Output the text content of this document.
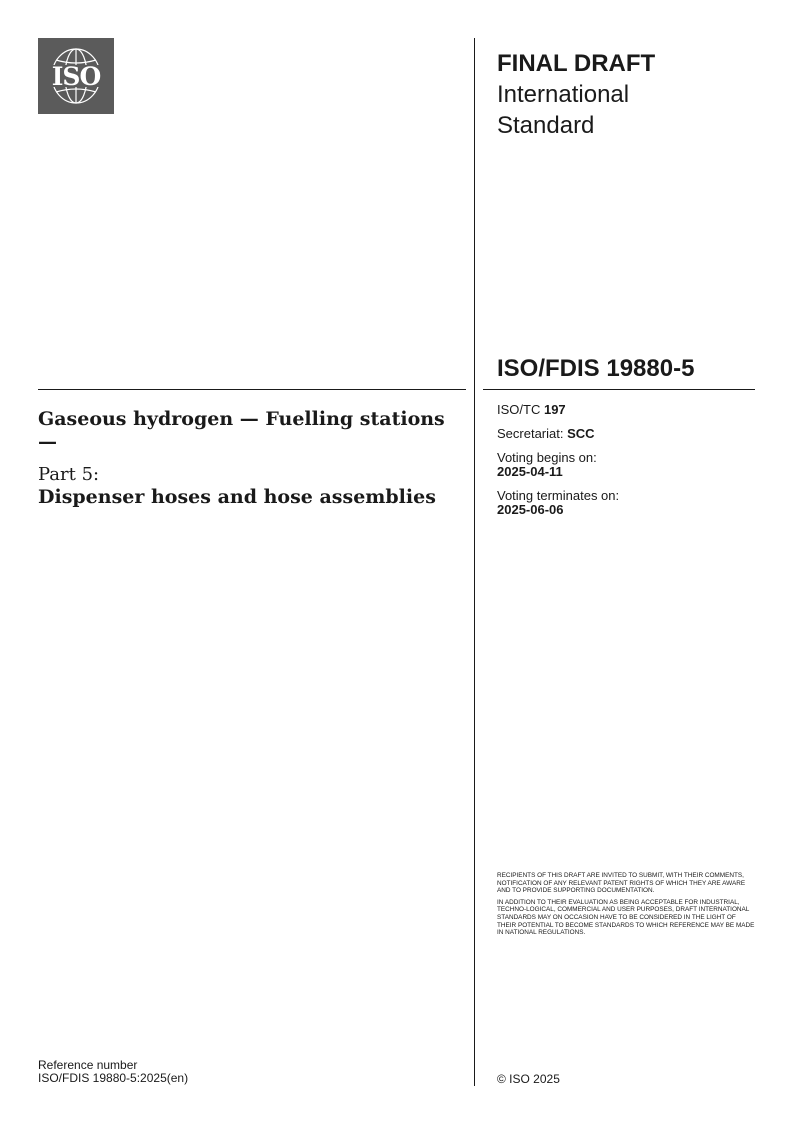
ISO	FINAL DRAFT
International
Standard
ISO/FDIS 19880-5
Gaseous hydrogen — Fuelling stations —
Part 5:
Dispenser hoses and hose assemblies
ISO/TC 197
Secretariat: SCC
Voting begins on:
2025-04-11
Voting terminates on:
2025-06-06

RECIPIENTS OF THIS DRAFT ARE INVITED TO SUBMIT, WITH THEIR COMMENTS, NOTIFICATION OF ANY RELEVANT PATENT RIGHTS OF WHICH THEY ARE AWARE AND TO PROVIDE SUPPORTING DOCUMENTATION.

IN ADDITION TO THEIR EVALUATION AS BEING ACCEPTABLE FOR INDUSTRIAL, TECHNO-LOGICAL, COMMERCIAL AND USER PURPOSES, DRAFT INTERNATIONAL STANDARDS MAY ON OCCASION HAVE TO BE CONSIDERED IN THE LIGHT OF THEIR POTENTIAL TO BECOME STANDARDS TO WHICH REFERENCE MAY BE MADE IN NATIONAL REGULATIONS.

Reference number
ISO/FDIS 19880-5:2025(en)	© ISO 2025
